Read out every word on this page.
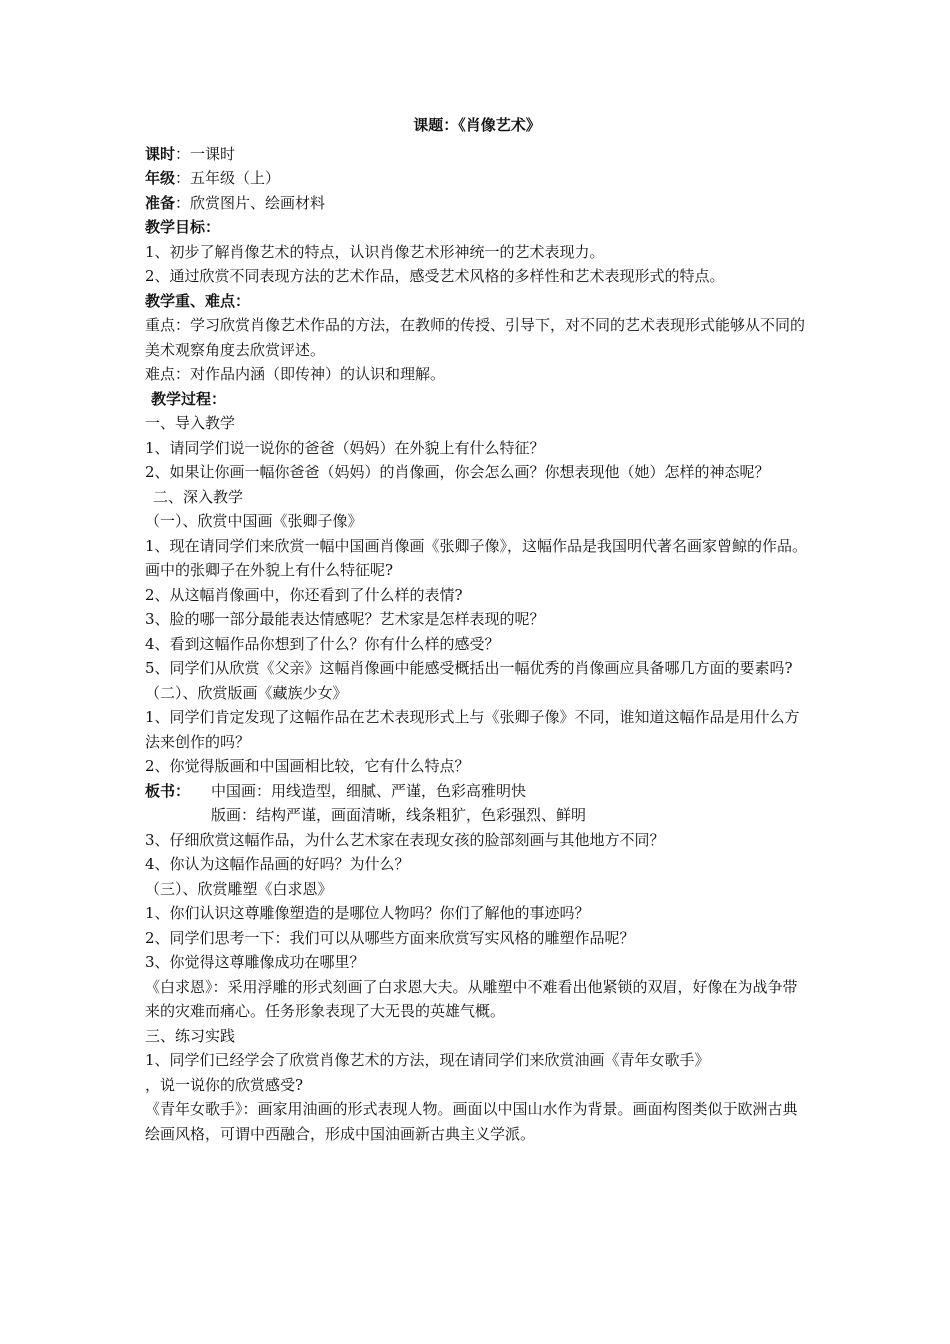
课题：《肖像艺术》
课时：一课时
年级：五年级（上）
准备：欣赏图片、绘画材料
教学目标：
1、初步了解肖像艺术的特点，认识肖像艺术形神统一的艺术表现力。
2、通过欣赏不同表现方法的艺术作品，感受艺术风格的多样性和艺术表现形式的特点。
教学重、难点：
重点：学习欣赏肖像艺术作品的方法，在教师的传授、引导下，对不同的艺术表现形式能够从不同的美术观察角度去欣赏评述。
难点：对作品内涵（即传神）的认识和理解。
教学过程：
一、导入教学
1、请同学们说一说你的爸爸（妈妈）在外貌上有什么特征？
2、如果让你画一幅你爸爸（妈妈）的肖像画，你会怎么画？你想表现他（她）怎样的神态呢？
二、深入教学
（一）、欣赏中国画《张卿子像》
1、现在请同学们来欣赏一幅中国画肖像画《张卿子像》，这幅作品是我国明代著名画家曾鲸的作品。画中的张卿子在外貌上有什么特征呢?
2、从这幅肖像画中，你还看到了什么样的表情?
3、脸的哪一部分最能表达情感呢？艺术家是怎样表现的呢？
4、看到这幅作品你想到了什么？你有什么样的感受？
5、同学们从欣赏《父亲》这幅肖像画中能感受概括出一幅优秀的肖像画应具备哪几方面的要素吗?
（二）、欣赏版画《藏族少女》
1、同学们肯定发现了这幅作品在艺术表现形式上与《张卿子像》不同，谁知道这幅作品是用什么方法来创作的吗？
2、你觉得版画和中国画相比较，它有什么特点？
板书：	中国画：用线造型，细腻、严谨，色彩高雅明快
版画：结构严谨，画面清晰，线条粗犷，色彩强烈、鲜明
3、仔细欣赏这幅作品，为什么艺术家在表现女孩的脸部刻画与其他地方不同？
4、你认为这幅作品画的好吗？为什么？
（三）、欣赏雕塑《白求恩》
1、你们认识这尊雕像塑造的是哪位人物吗？你们了解他的事迹吗？
2、同学们思考一下：我们可以从哪些方面来欣赏写实风格的雕塑作品呢？
3、你觉得这尊雕像成功在哪里？
《白求恩》：采用浮雕的形式刻画了白求恩大夫。从雕塑中不难看出他紧锁的双眉，好像在为战争带来的灾难而痛心。任务形象表现了大无畏的英雄气概。
三、练习实践
1、同学们已经学会了欣赏肖像艺术的方法，现在请同学们来欣赏油画《青年女歌手》
，说一说你的欣赏感受?
《青年女歌手》：画家用油画的形式表现人物。画面以中国山水作为背景。画面构图类似于欧洲古典绘画风格，可谓中西融合，形成中国油画新古典主义学派。
